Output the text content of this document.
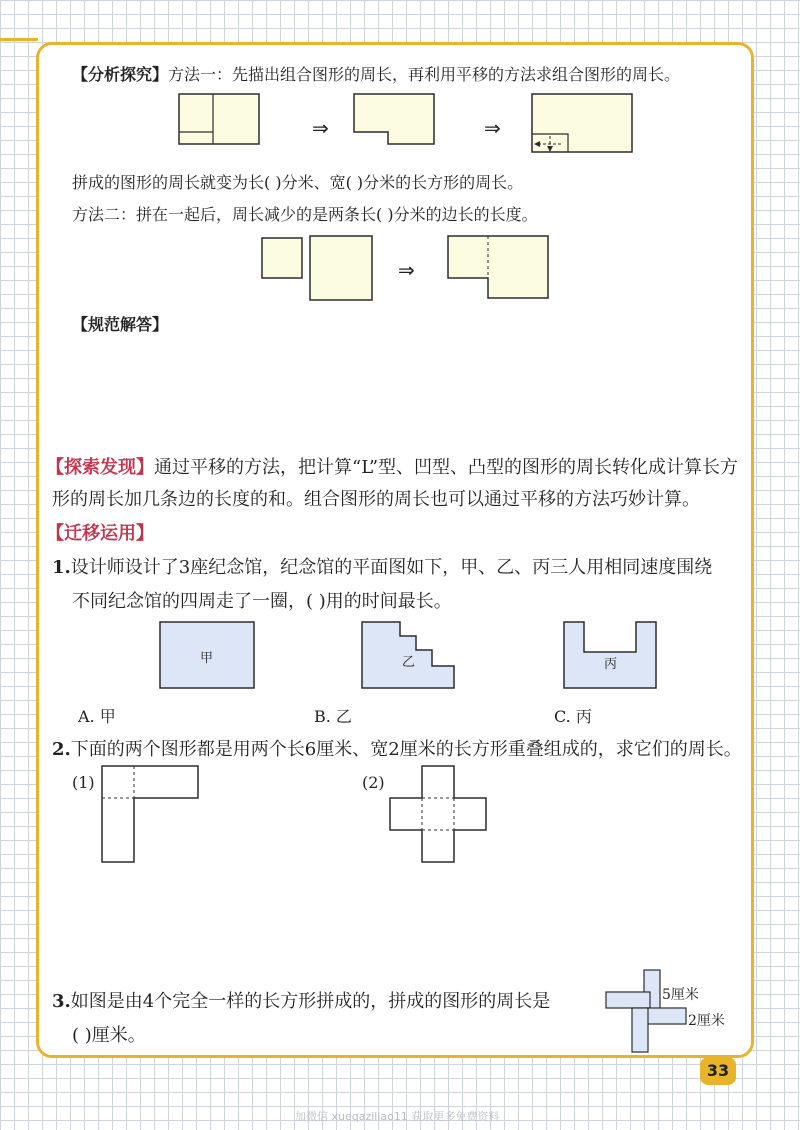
【分析探究】方法一：先描出组合图形的周长，再利用平移的方法求组合图形的周长。
⇒	⇒
拼成的图形的周长就变为长( )分米、宽( )分米的长方形的周长。
方法二：拼在一起后，周长减少的是两条长( )分米的边长的长度。
⇒
【规范解答】
【探索发现】通过平移的方法，把计算“L”型、凹型、凸型的图形的周长转化成计算长方
形的周长加几条边的长度的和。组合图形的周长也可以通过平移的方法巧妙计算。
【迁移运用】
1.设计师设计了3座纪念馆，纪念馆的平面图如下，甲、乙、丙三人用相同速度围绕
不同纪念馆的四周走了一圈，( )用的时间最长。
甲	乙	丙
A. 甲	B. 乙	C. 丙
2.下面的两个图形都是用两个长6厘米、宽2厘米的长方形重叠组成的，求它们的周长。
(1)	(2)
3.如图是由4个完全一样的长方形拼成的，拼成的图形的周长是
( )厘米。
5厘米
2厘米
33
加微信 xueqaziliao11 获取更多免费资料
